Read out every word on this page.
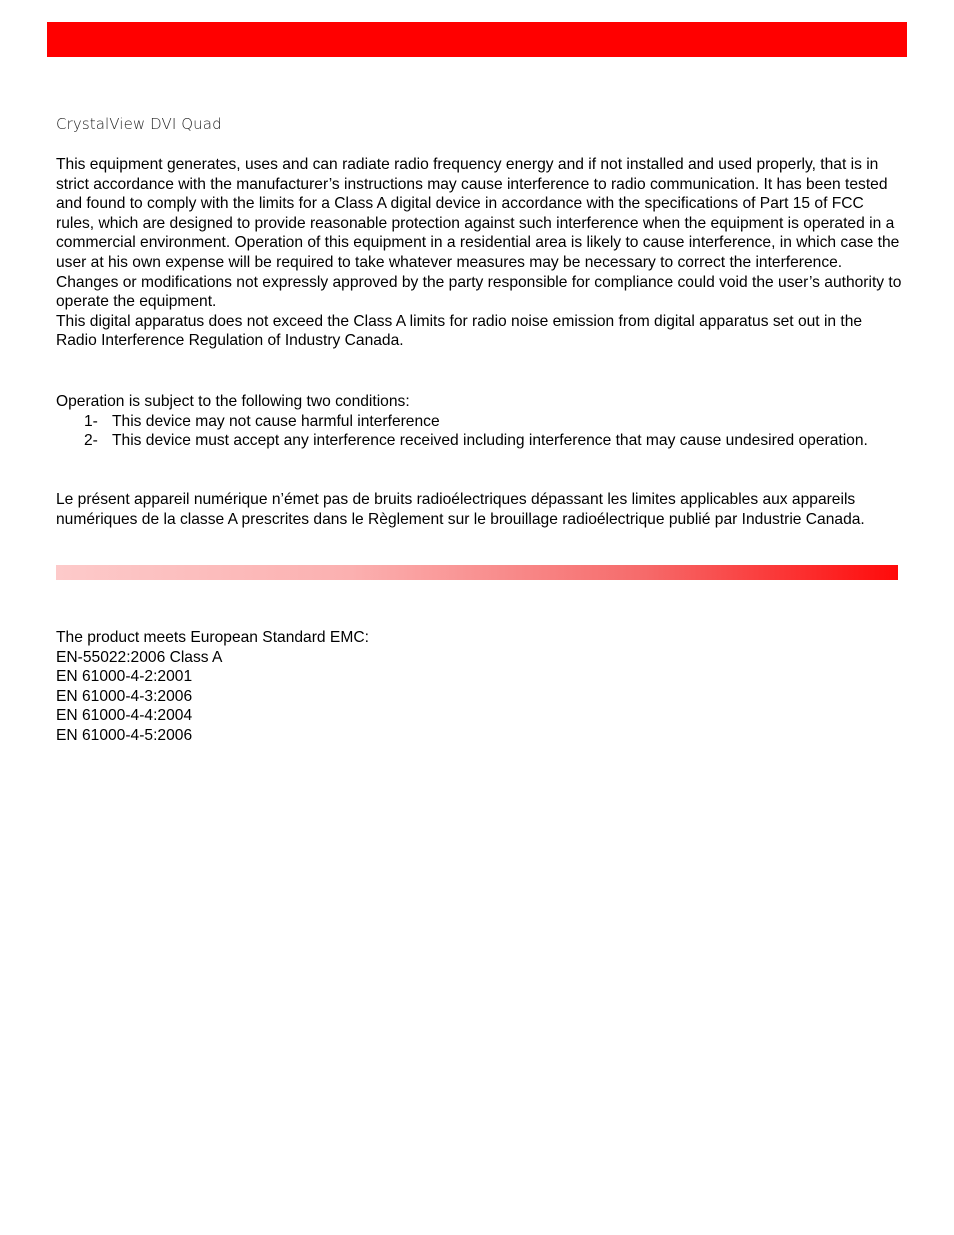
CrystalView DVI Quad

This equipment generates, uses and can radiate radio frequency energy and if not installed and used properly, that is in strict accordance with the manufacturer’s instructions may cause interference to radio communication. It has been tested and found to comply with the limits for a Class A digital device in accordance with the specifications of Part 15 of FCC rules, which are designed to provide reasonable protection against such interference when the equipment is operated in a commercial environment. Operation of this equipment in a residential area is likely to cause interference, in which case the user at his own expense will be required to take whatever measures may be necessary to correct the interference.

Changes or modifications not expressly approved by the party responsible for compliance could void the user’s authority to operate the equipment.

This digital apparatus does not exceed the Class A limits for radio noise emission from digital apparatus set out in the Radio Interference Regulation of Industry Canada.

Operation is subject to the following two conditions:

1- This device may not cause harmful interference
2- This device must accept any interference received including interference that may cause undesired operation.

Le présent appareil numérique n’émet pas de bruits radioélectriques dépassant les limites applicables aux appareils numériques de la classe A prescrites dans le Règlement sur le brouillage radioélectrique publié par Industrie Canada.

The product meets European Standard EMC:

EN-55022:2006 Class A

EN 61000-4-2:2001

EN 61000-4-3:2006

EN 61000-4-4:2004

EN 61000-4-5:2006
